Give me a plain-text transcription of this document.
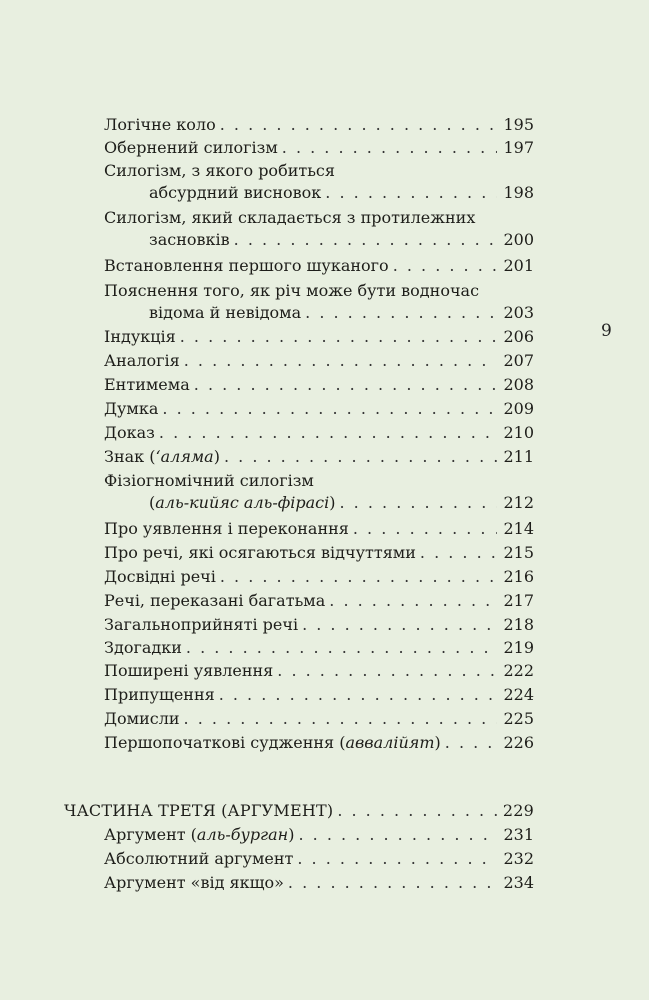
9
Логічне коло . . .	195
Обернений силогізм . . .	197
Силогізм, з якого робиться
абсурдний висновок . . .	198
Силогізм, який складається з протилежних
засновків . . .	200
Встановлення першого шуканого . . .	201
Пояснення того, як річ може бути водночас
відома й невідома . . .	203
Індукція . . .	206
Аналогія . . .	207
Ентимема . . .	208
Думка . . .	209
Доказ . . .	210
Знак (‘аляма) . . .	211
Фізіогномічний силогізм
(аль-кийяс аль-фірасі) . . .	212
Про уявлення і переконання . . .	214
Про речі, які осягаються відчуттями . . .	215
Досвідні речі . . .	216
Речі, переказані багатьма . . .	217
Загальноприйняті речі . . .	218
Здогадки . . .	219
Поширені уявлення . . .	222
Припущення . . .	224
Домисли . . .	225
Першопочаткові судження (аввалійят) . . .	226
ЧАСТИНА ТРЕТЯ (АРГУМЕНТ) . . .	229
Аргумент (аль-бурган) . . .	231
Абсолютний аргумент . . .	232
Аргумент «від якщо» . . .	234
